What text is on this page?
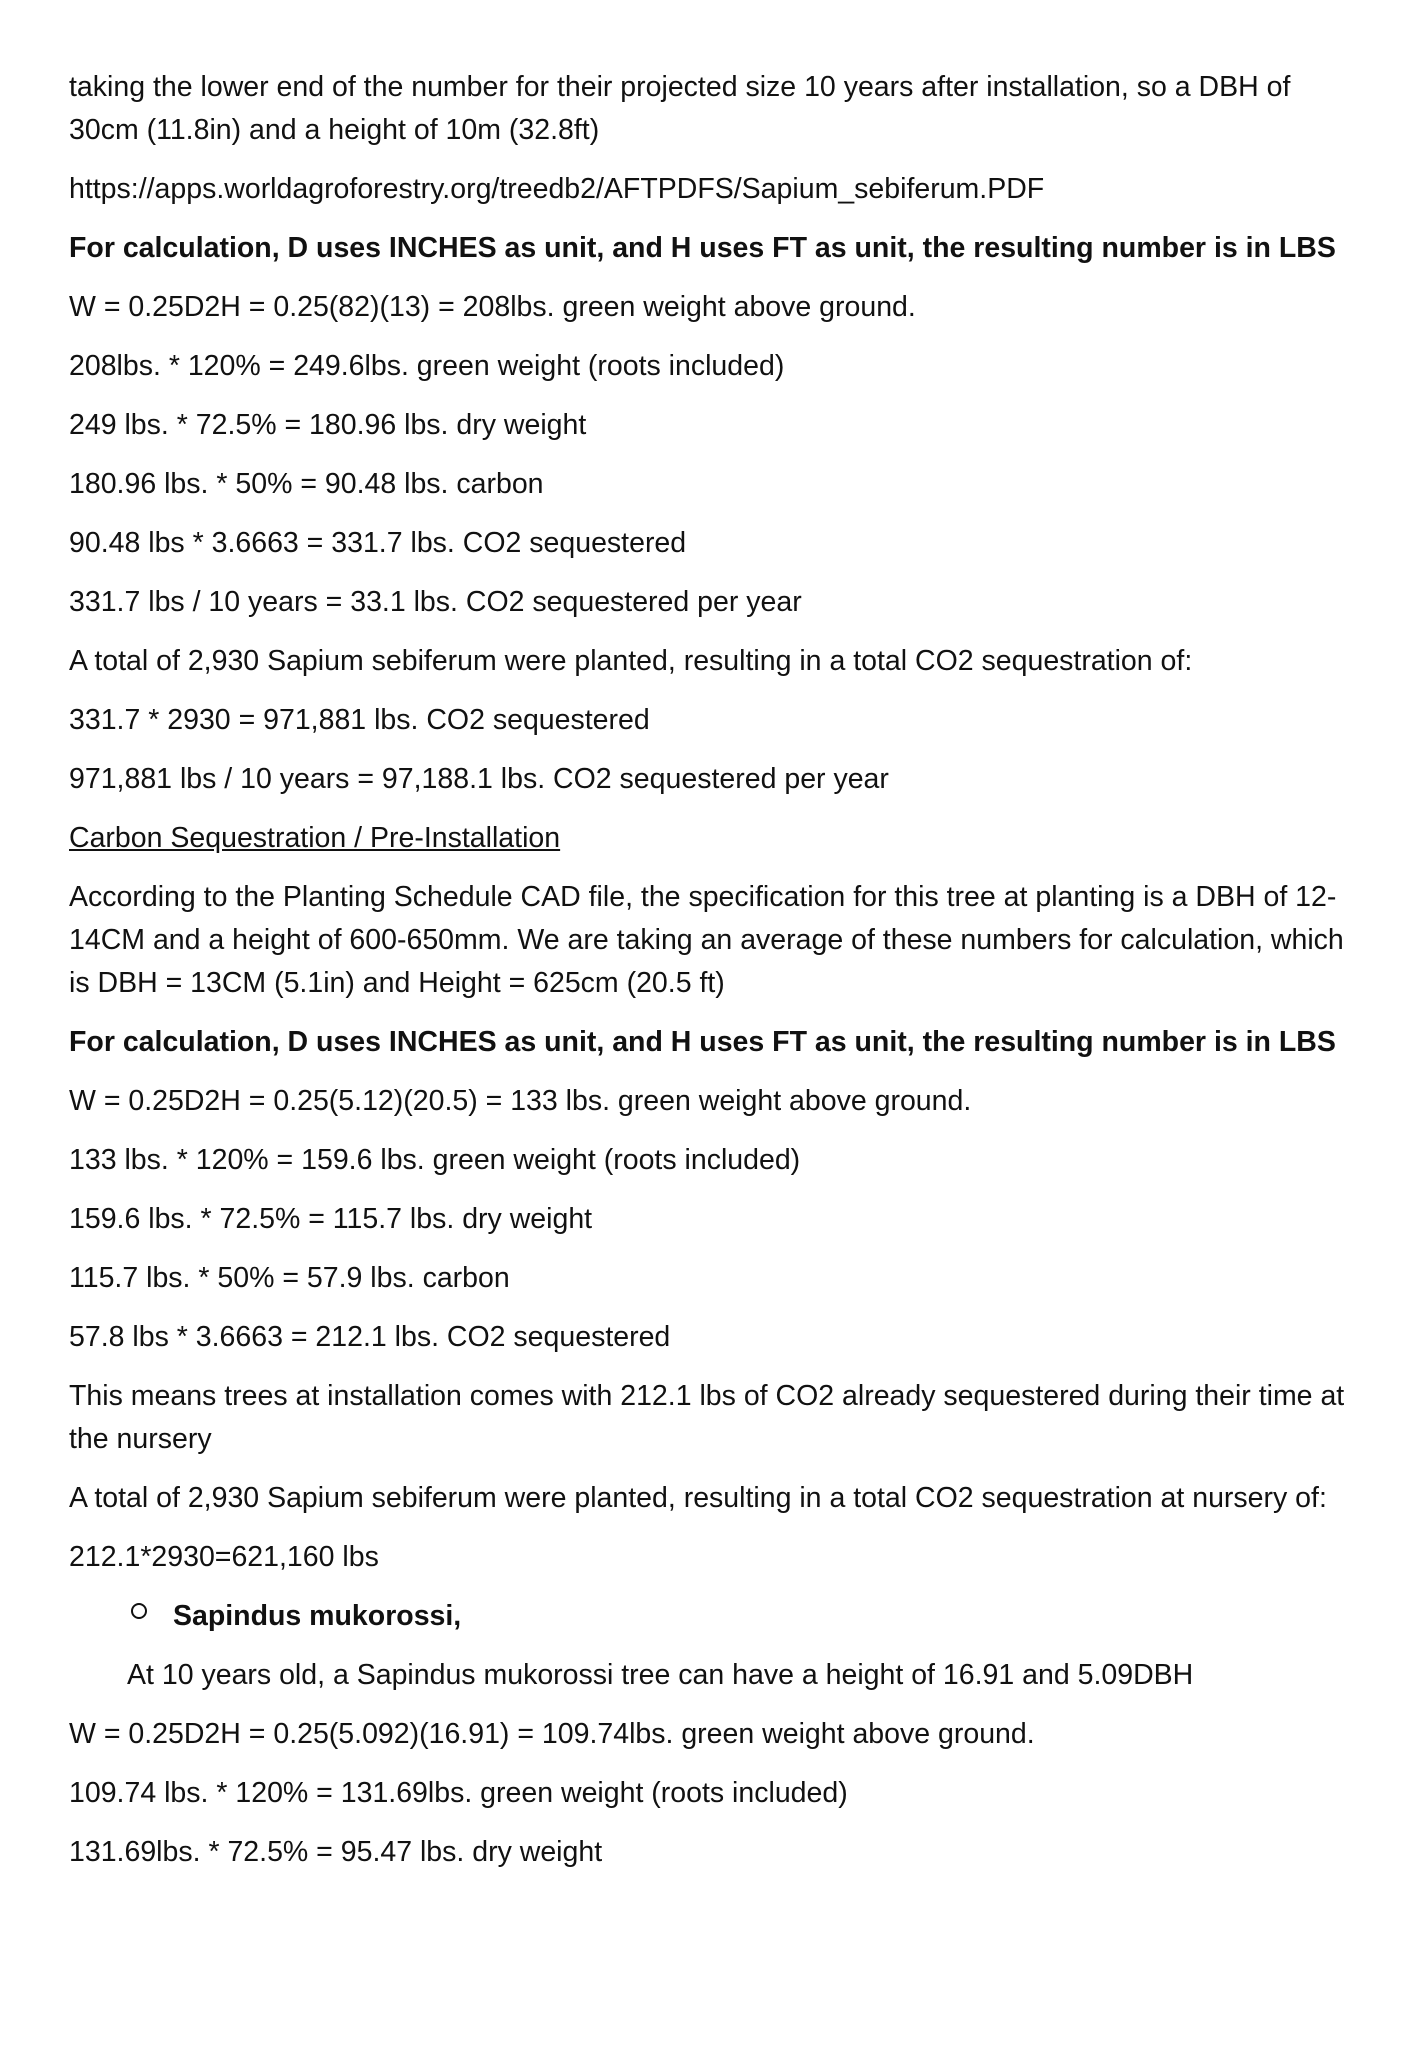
taking the lower end of the number for their projected size 10 years after installation, so a DBH of 30cm (11.8in) and a height of 10m (32.8ft)

https://apps.worldagroforestry.org/treedb2/AFTPDFS/Sapium_sebiferum.PDF

For calculation, D uses INCHES as unit, and H uses FT as unit, the resulting number is in LBS

W = 0.25D2H = 0.25(82)(13) = 208lbs. green weight above ground.

208lbs. * 120% = 249.6lbs. green weight (roots included)

249 lbs. * 72.5% = 180.96 lbs. dry weight

180.96 lbs. * 50% = 90.48 lbs. carbon

90.48 lbs * 3.6663 = 331.7 lbs. CO2 sequestered

331.7 lbs / 10 years = 33.1 lbs. CO2 sequestered per year

A total of 2,930 Sapium sebiferum were planted, resulting in a total CO2 sequestration of:

331.7 * 2930 = 971,881 lbs. CO2 sequestered

971,881 lbs / 10 years = 97,188.1 lbs. CO2 sequestered per year

Carbon Sequestration / Pre-Installation

According to the Planting Schedule CAD file, the specification for this tree at planting is a DBH of 12-14CM and a height of 600-650mm. We are taking an average of these numbers for calculation, which is DBH = 13CM (5.1in) and Height = 625cm (20.5 ft)

For calculation, D uses INCHES as unit, and H uses FT as unit, the resulting number is in LBS

W = 0.25D2H = 0.25(5.12)(20.5) = 133 lbs. green weight above ground.

133 lbs. * 120% = 159.6 lbs. green weight (roots included)

159.6 lbs. * 72.5% = 115.7 lbs. dry weight

115.7 lbs. * 50% = 57.9 lbs. carbon

57.8 lbs * 3.6663 = 212.1 lbs. CO2 sequestered

This means trees at installation comes with 212.1 lbs of CO2 already sequestered during their time at the nursery

A total of 2,930 Sapium sebiferum were planted, resulting in a total CO2 sequestration at nursery of:

212.1*2930=621,160 lbs

Sapindus mukorossi,

At 10 years old, a Sapindus mukorossi tree can have a height of 16.91 and 5.09DBH

W = 0.25D2H = 0.25(5.092)(16.91) = 109.74lbs. green weight above ground.

109.74 lbs. * 120% = 131.69lbs. green weight (roots included)

131.69lbs. * 72.5% = 95.47 lbs. dry weight
